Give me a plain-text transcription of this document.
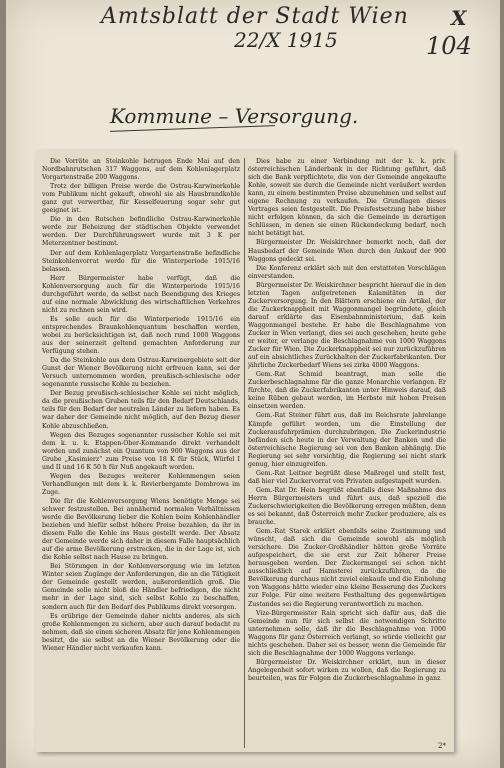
Amtsblatt der Stadt Wien X
22/X 1915	104
Kommune – Versorgung.

Die Vorräte an Steinkohle betrugen Ende Mai auf den Nordbahnrutschen 317 Waggons, auf dem Kohlenlagerplatz Vorgartenstraße 200 Waggons.

Trotz der billigen Preise werde die Ostrau-Karwinerkohle vom Publikum nicht gekauft, obwohl sie als Hausbrandkohle ganz gut verwertbar, für Kesselfeuerung sogar sehr gut geeignet ist.

Die in den Rutschen befindliche Ostrau-Karwinerkohle werde zur Beheizung der städtischen Objekte verwendet werden. Der Durchführungswert wurde mit 3 K per Meterzentner bestimmt.

Der auf dem Kohlenlagerplatz Vorgartenstraße befindliche Steinkohlenvorrat werde für die Winterperiode 1915/16 belassen.

Herr Bürgermeister habe verfügt, daß die Kohlenversorgung auch für die Winterperiode 1915/16 durchgeführt werde, da selbst nach Beendigung des Krieges auf eine normale Abwicklung des wirtschaftlichen Verkehres nicht zu rechnen sein wird.

Es solle auch für die Winterperiode 1915/16 ein entsprechendes Braunkohlenquantum beschaffen werden, wobei zu berücksichtigen ist, daß noch rund 1000 Waggons aus der seinerzeit geltend gemachten Anforderung zur Verfügung stehen.

Da die Steinkohle aus dem Ostrau-Karwinergebiete seit der Gunst der Wiener Bevölkerung nicht erfreuen kann, sei der Versuch unternommen worden, preußisch-schlesische oder sogenannte russische Kohle zu beziehen.

Der Bezug preußisch-schlesischer Kohle sei nicht möglich, da die preußischen Gruben teils für den Bedarf Deutschlands, teils für den Bedarf der neutralen Länder zu liefern haben. Es war daher der Gemeinde nicht möglich, auf den Bezug dieser Kohle abzuschließen.

Wegen des Bezuges sogenannter russischer Kohle sei mit dem k. u. k. Etappen-Ober-Kommando direkt verhandelt worden und zunächst ein Quantum von 900 Waggons aus der Grube „Kasimierz“ zum Preise von 18 K für Stück, Würfel I und II und 16 K 50 h für Nuß angekauft worden.

Wegen des Bezuges weiterer Kohlenmengen seien Verhandlungen mit dem k. k. Revierbergamte Dombrowa im Zuge.

Die für die Kohlenversorgung Wiens benötigte Menge sei schwer festzustellen. Bei annähernd normalen Verhältnissen werde die Bevölkerung lieber die Kohlen beim Kohlenhändler beziehen und hiefür selbst höhere Preise bezahlen, da ihr in diesem Falle die Kohle ins Haus gestellt werde. Der Absatz der Gemeinde werde sich daher in diesem Falle hauptsächlich auf die arme Bevölkerung erstrecken, die in der Lage ist, sich die Kohle selbst nach Hause zu bringen.

Bei Störungen in der Kohlenversorgung wie im letzten Winter seien Zugänge der Anforderungen, die an die Tätigkeit der Gemeinde gestellt werden, außerordentlich groß. Die Gemeinde solle nicht bloß die Händler befriedigen, die nicht mehr in der Lage sind, sich selbst Kohle zu beschaffen, sondern auch für den Bedarf des Publikums direkt vorsorgen.

Es erübrige der Gemeinde daher nichts anderes, als sich große Kohlenmengen zu sichern, aber auch darauf bedacht zu nehmen, daß sie einen sicheren Absatz für jene Kohlenmengen besitzt, die sie selbst an die Wiener Bevölkerung oder die Wiener Händler nicht verkaufen kann.

Dies habe zu einer Verbindung mit der k. k. priv. österreichischen Länderbank in der Richtung geführt, daß sich die Bank verpflichtete, die von der Gemeinde angekaufte Kohle, soweit sie durch die Gemeinde nicht veräußert werden kann, zu einem bestimmten Preise abzunehmen und selbst auf eigene Rechnung zu verkaufen. Die Grundlagen dieses Vertrages seien festgestellt. Die Preisfestsetzung habe bisher nicht erfolgen können, da sich die Gemeinde in derartigen Schlüssen, in denen sie einen Rückendeckung bedarf, noch nicht betätigt hat.

Bürgermeister Dr. Weiskirchner bemerkt noch, daß der Hausbedarf der Gemeinde Wien durch den Ankauf der 900 Waggons gedeckt sei.

Die Konferenz erklärt sich mit den erstatteten Vorschlägen einverstanden.

Bürgermeister Dr. Weiskirchner bespricht hierauf die in den letzten Tagen aufgetretenen Kalamitäten in der Zuckerversorgung. In den Blättern erschiene ein Artikel, der die Zuckerknappheit mit Waggonmangel begründete, gleich darauf erklärte das Eisenbahnministerium, daß kein Waggonmangel bestehe. Er habe die Beschlagnahme von Zucker in Wien verlangt, dies sei auch geschehen, heute gehe er weiter, er verlange die Beschlagnahme von 1000 Waggons Zucker für Wien. Die Zuckerknappheit sei nur zurückzuführen auf ein absichtliches Zurückhalten der Zuckerfabrikanten. Der jährliche Zuckerbedarf Wiens sei zirka 4000 Waggons.

Gem.-Rat Schmid beantragt, man solle die Zuckerbeschlagnahme für die ganze Monarchie verlangen. Er fürchte, daß die Zuckerfabrikanten unter Hinweis darauf, daß keine Rüben gebaut werden, im Herbste mit hohen Preisen einsetzen werden.

Gem.-Rat Steiner führt aus, daß im Reichsrate jahrelange Kämpfe geführt worden, um die Einstellung der Zuckerausfuhrprämien durchzubringen. Die Zuckerindustrie befänden sich heute in der Verwaltung der Banken und die österreichische Regierung sei von den Banken abhängig. Die Regierung sei sehr vorsichtig, die Regierung sei nicht stark genug, hier einzugreifen.

Gem.-Rat Leitner begrüßt diese Maßregel und stellt fest, daß hier viel Zuckervorrat von Privaten aufgestapelt wurden.

Gem.-Rat Dr. Hein begrüßt ebenfalls diese Maßnahme des Herrn Bürgermeisters und führt aus, daß speziell die Zuckerschwierigkeiten die Bevölkerung erregen müßten, denn es sei bekannt, daß Österreich mehr Zucker produziere, als es brauche.

Gem.-Rat Starek erklärt ebenfalls seine Zustimmung und wünscht, daß sich die Gemeinde sowohl als möglich versichere. Die Zucker-Großhändler hätten große Vorräte aufgespeichert, die sie erst zur Zeit höherer Preise herausgeben werden. Der Zuckermangel sei schon nicht ausschließlich auf Hamsterei zurückzuführen, da die Bevölkerung durchaus nicht zuviel einkaufe und die Einholung von Waggons hätte wieder eine kleine Besserung des Zuckers zur Folge. Für eine weitere Festhaltung des gegenwärtigen Zustandes sei die Regierung verantwortlich zu machen.

Vize-Bürgermeister Rain spricht sich dafür aus, daß die Gemeinde nun für sich selbst die notwendigen Schritte unternehmen solle, daß ihr die Beschlagnahme von 1000 Waggons für ganz Österreich verlangt, so würde vielleicht gar nichts geschehen. Daher sei es besser, wenn die Gemeinde für sich die Beschlagnahme der 1000 Waggons verlange.

Bürgermeister Dr. Weiskirchner erklärt, nun in dieser Angelegenheit sofort wirken zu wollen, daß die Regierung zu beurteilen, was für Folgen die Zuckerbeschlagnahme in ganz

2*
